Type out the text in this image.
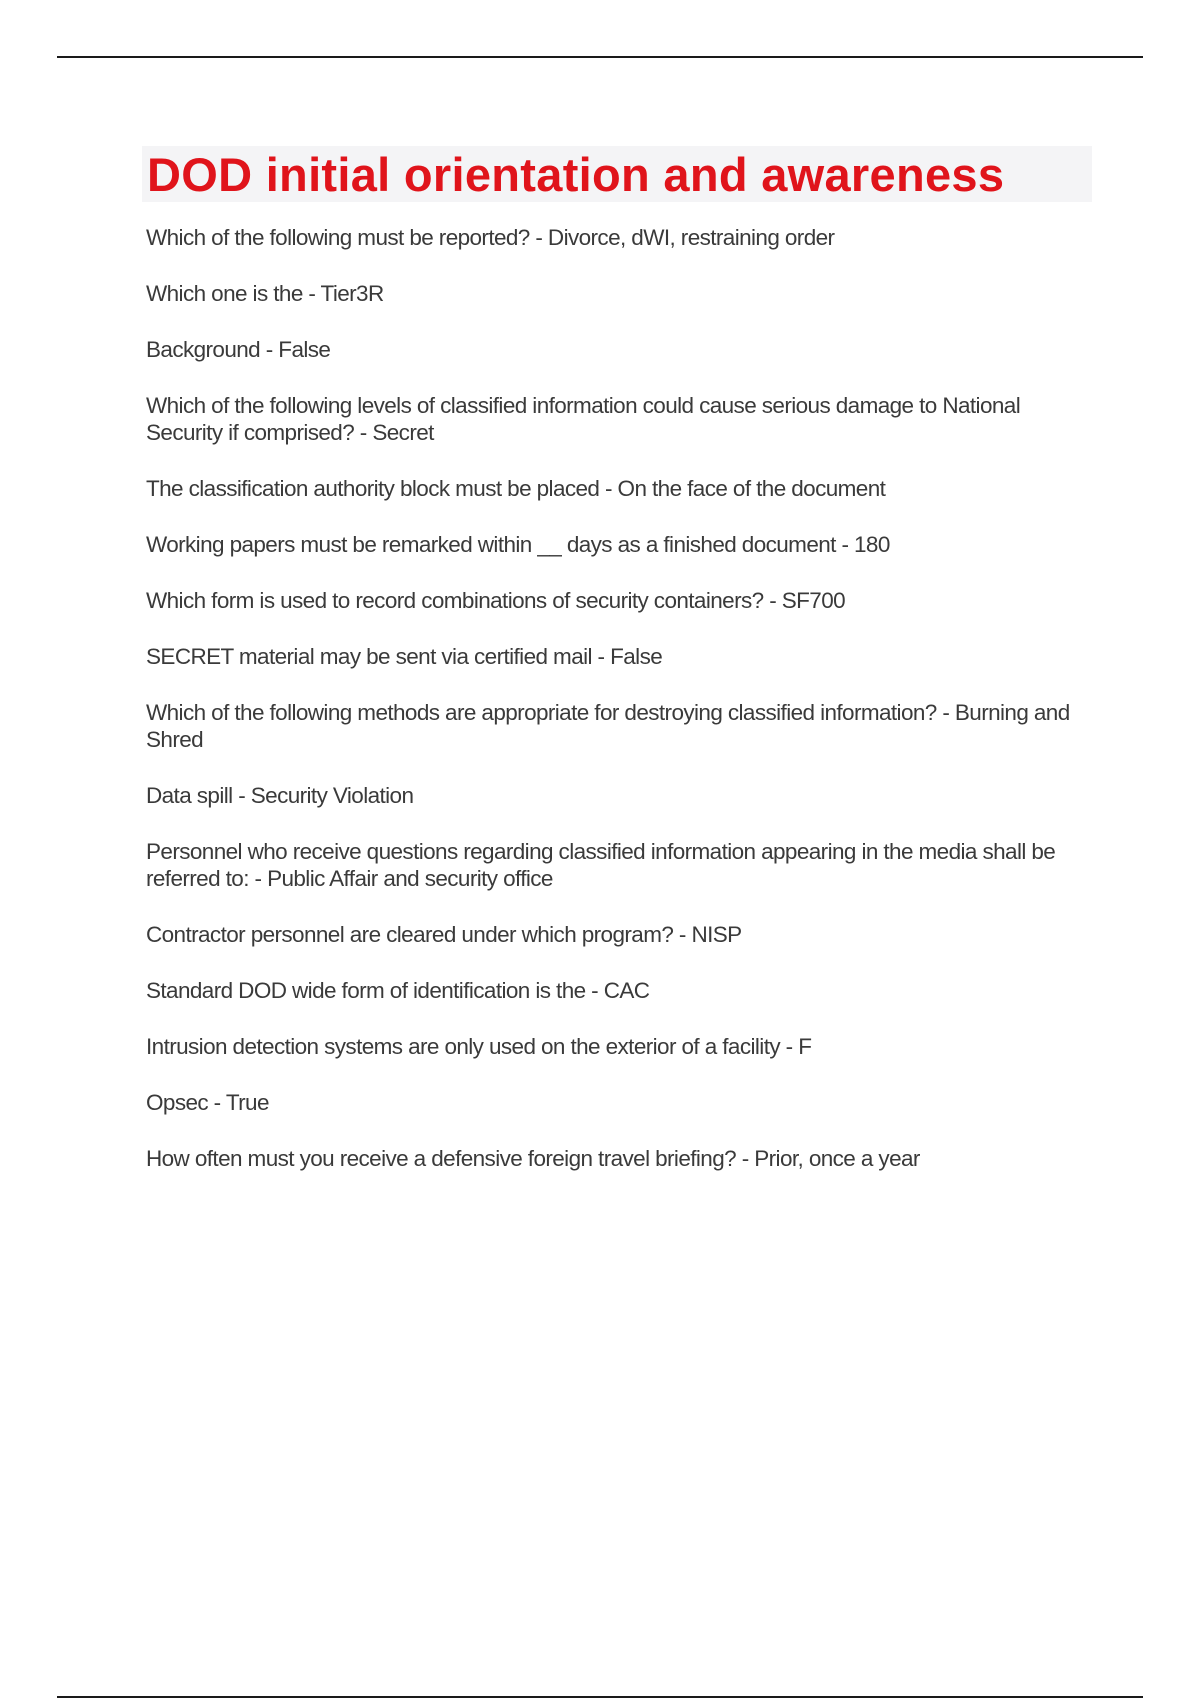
DOD initial orientation and awareness
Which of the following must be reported? - Divorce, dWI, restraining order
Which one is the - Tier3R
Background - False
Which of the following levels of classified information could cause serious damage to National Security if comprised? - Secret
The classification authority block must be placed - On the face of the document
Working papers must be remarked within __ days as a finished document - 180
Which form is used to record combinations of security containers? - SF700
SECRET material may be sent via certified mail - False
Which of the following methods are appropriate for destroying classified information? - Burning and Shred
Data spill - Security Violation
Personnel who receive questions regarding classified information appearing in the media shall be referred to: - Public Affair and security office
Contractor personnel are cleared under which program? - NISP
Standard DOD wide form of identification is the - CAC
Intrusion detection systems are only used on the exterior of a facility - F
Opsec - True
How often must you receive a defensive foreign travel briefing? - Prior, once a year
